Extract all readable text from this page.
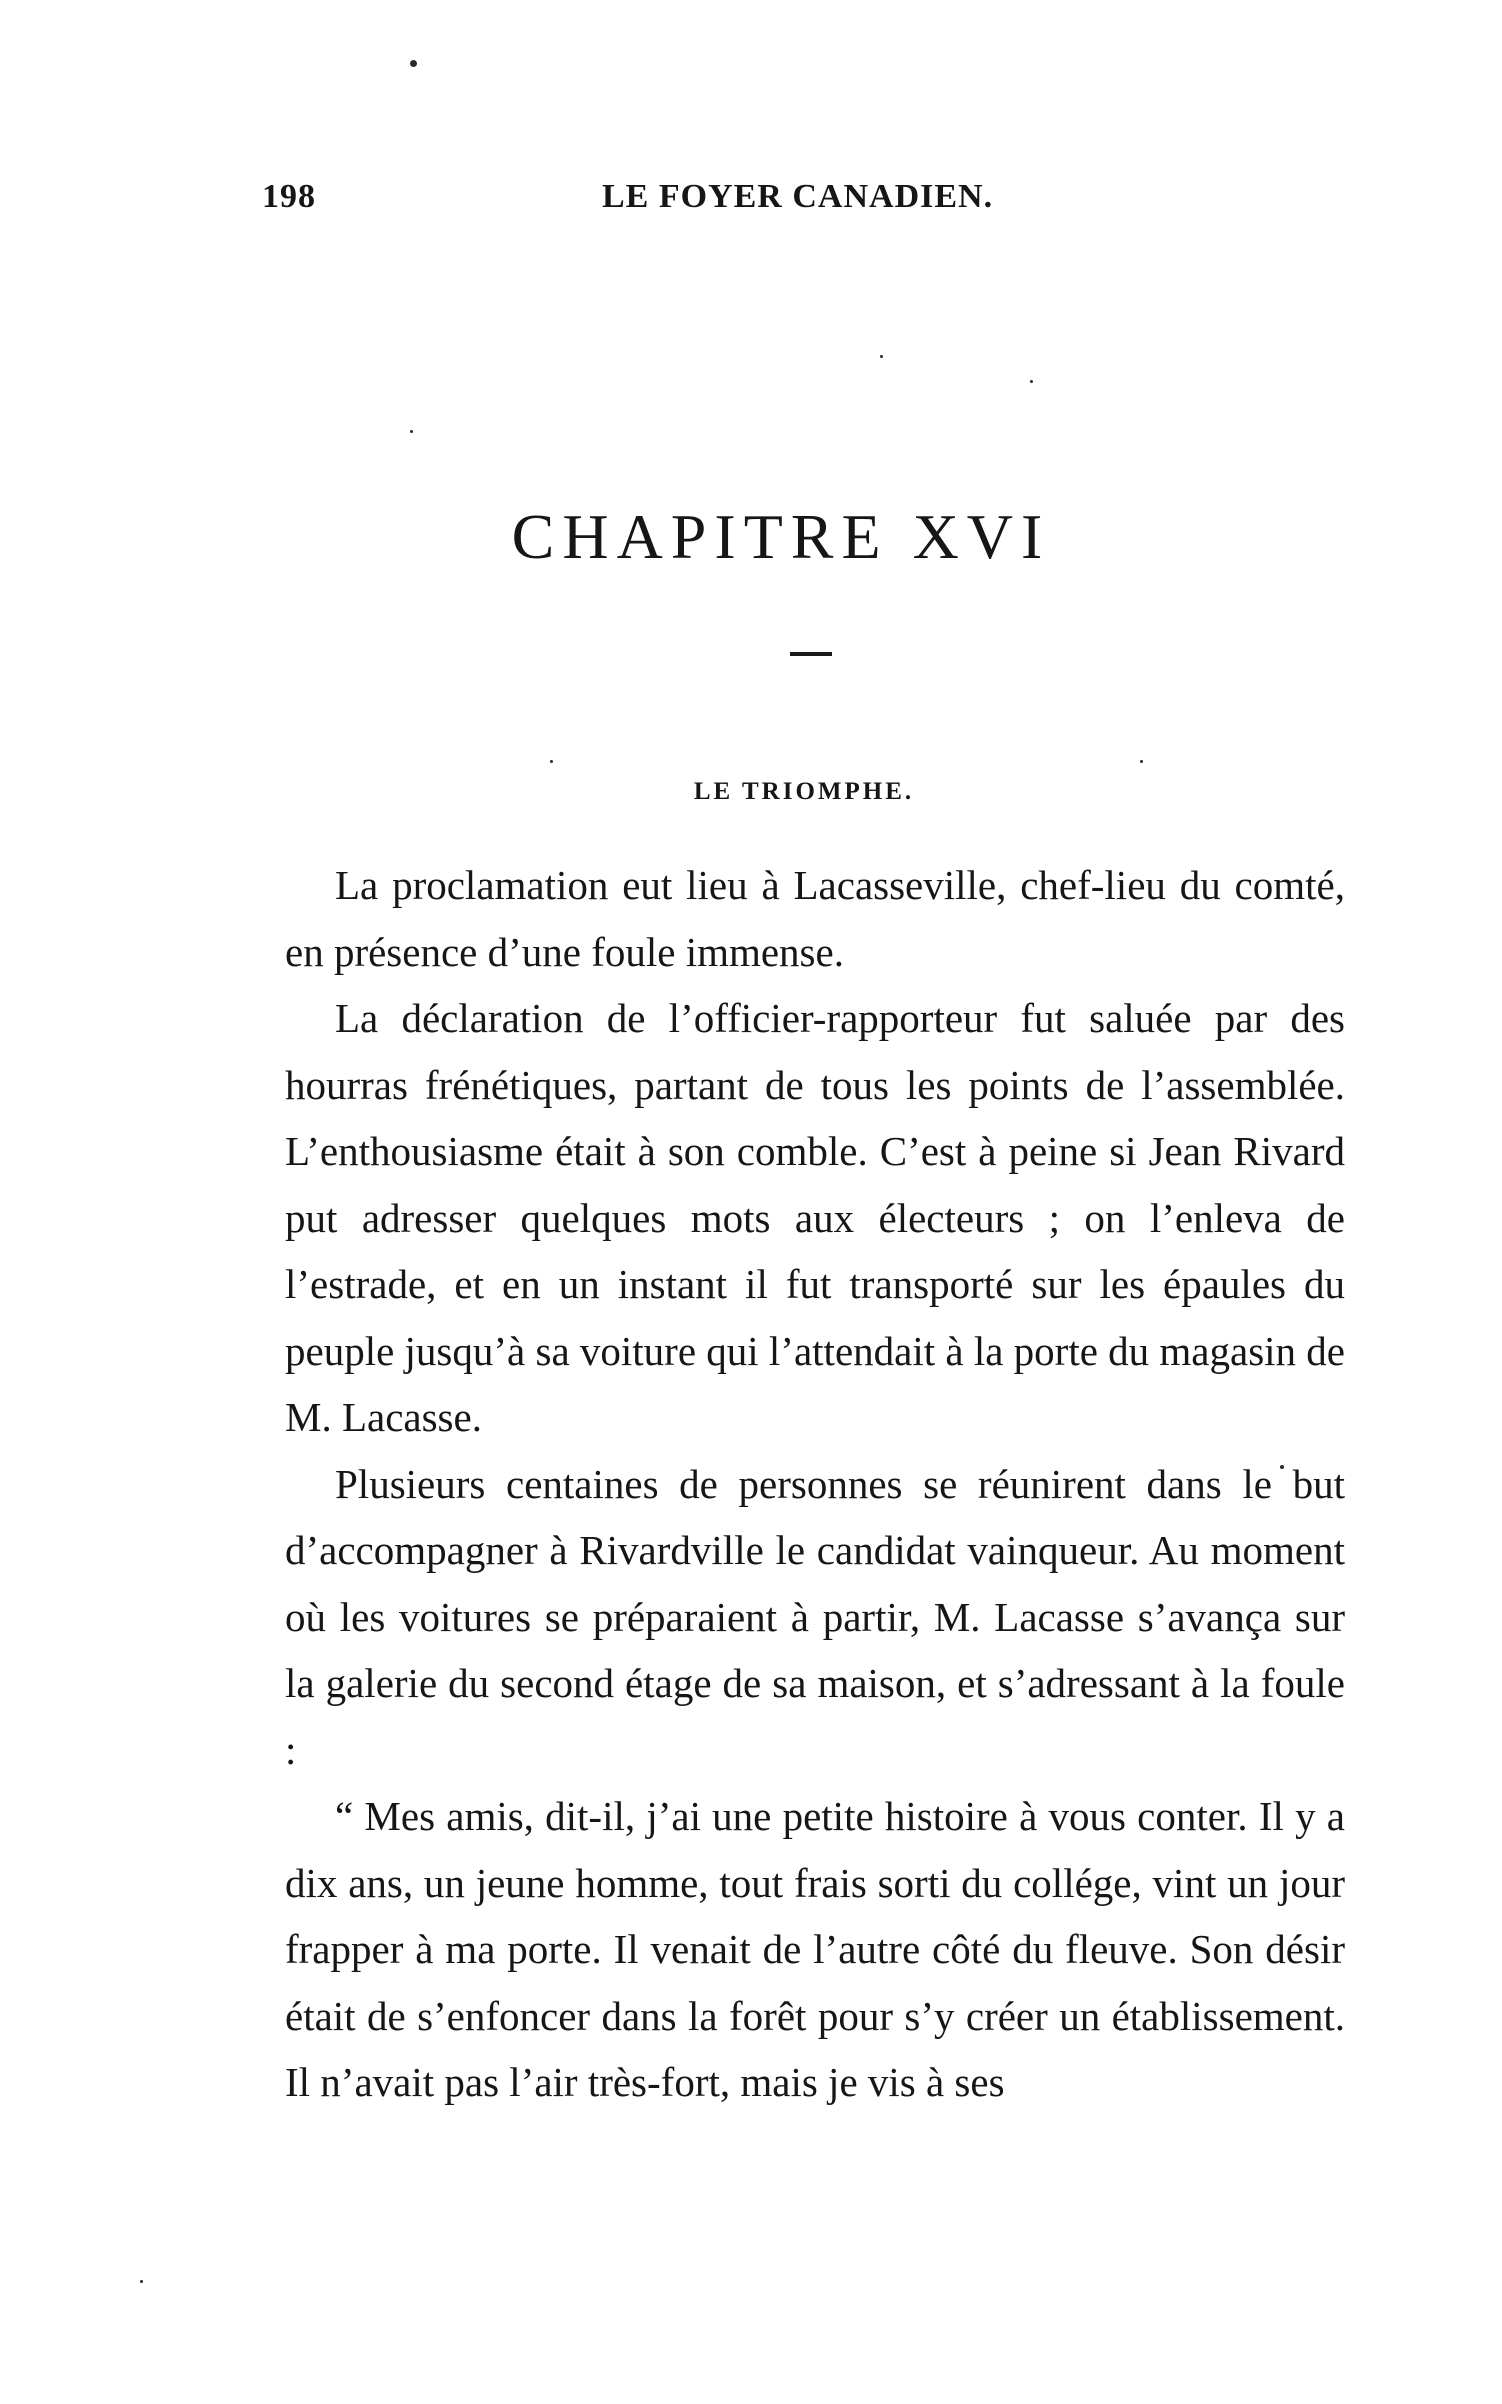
198	LE FOYER CANADIEN.
CHAPITRE XVI
LE TRIOMPHE.

La proclamation eut lieu à Lacasseville, chef-lieu du comté, en présence d’une foule immense.

La déclaration de l’officier-rapporteur fut saluée par des hourras frénétiques, partant de tous les points de l’assemblée. L’enthousiasme était à son comble. C’est à peine si Jean Rivard put adresser quelques mots aux électeurs ; on l’enleva de l’estrade, et en un instant il fut transporté sur les épaules du peuple jusqu’à sa voiture qui l’attendait à la porte du magasin de M. Lacasse.

Plusieurs centaines de personnes se réunirent dans le but d’accompagner à Rivardville le candidat vainqueur. Au moment où les voitures se préparaient à partir, M. Lacasse s’avança sur la galerie du second étage de sa maison, et s’adressant à la foule :

“ Mes amis, dit-il, j’ai une petite histoire à vous conter. Il y a dix ans, un jeune homme, tout frais sorti du collége, vint un jour frapper à ma porte. Il venait de l’autre côté du fleuve. Son désir était de s’enfoncer dans la forêt pour s’y créer un établissement. Il n’avait pas l’air très-fort, mais je vis à ses
